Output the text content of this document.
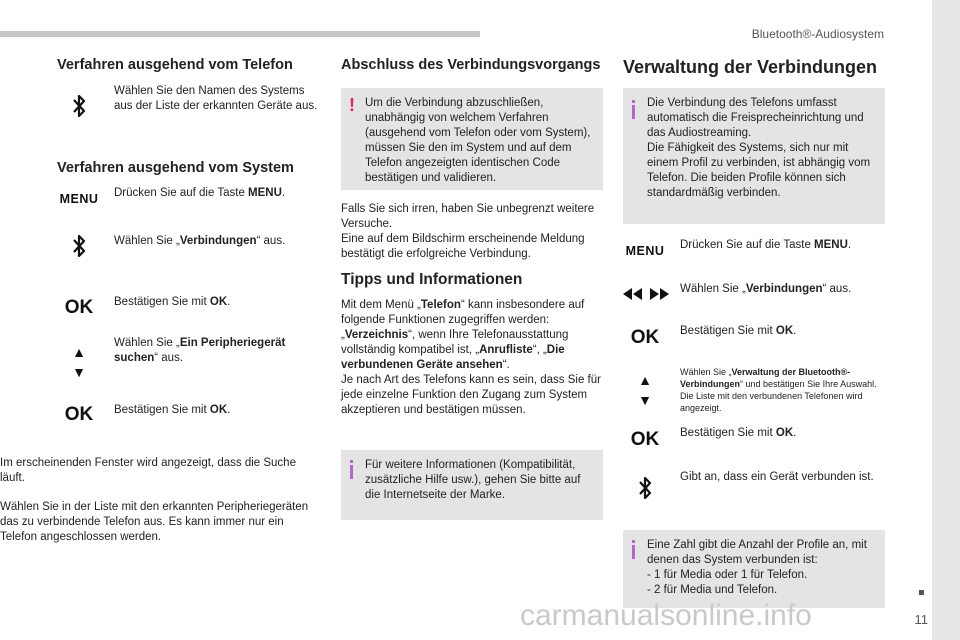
Bluetooth®-Audiosystem
11
Verfahren ausgehend vom Telefon
Wählen Sie den Namen des Systems aus der Liste der erkannten Geräte aus.
Verfahren ausgehend vom System
MENU Drücken Sie auf die Taste MENU.
Wählen Sie „Verbindungen“ aus.
OK	Bestätigen Sie mit OK.
▲
▼
Wählen Sie „Ein Peripheriegerät suchen“ aus.
OK	Bestätigen Sie mit OK.
Im erscheinenden Fenster wird angezeigt, dass die Suche läuft.
Wählen Sie in der Liste mit den erkannten Peripheriegeräten das zu verbindende Telefon aus. Es kann immer nur ein Telefon angeschlossen werden.
Abschluss des Verbindungsvorgangs
! Um die Verbindung abzuschließen, unabhängig von welchem Verfahren (ausgehend vom Telefon oder vom System), müssen Sie den im System und auf dem Telefon angezeigten identischen Code bestätigen und validieren.
Falls Sie sich irren, haben Sie unbegrenzt weitere Versuche.
Eine auf dem Bildschirm erscheinende Meldung bestätigt die erfolgreiche Verbindung.
Tipps und Informationen
Mit dem Menü „Telefon“ kann insbesondere auf folgende Funktionen zugegriffen werden: „Verzeichnis“, wenn Ihre Telefonausstattung vollständig kompatibel ist, „Anrufliste“, „Die verbundenen Geräte ansehen“.
Je nach Art des Telefons kann es sein, dass Sie für jede einzelne Funktion den Zugang zum System akzeptieren und bestätigen müssen.
Für weitere Informationen (Kompatibilität, zusätzliche Hilfe usw.), gehen Sie bitte auf die Internetseite der Marke.
Verwaltung der Verbindungen
Die Verbindung des Telefons umfasst automatisch die Freisprecheinrichtung und das Audiostreaming.
Die Fähigkeit des Systems, sich nur mit einem Profil zu verbinden, ist abhängig vom Telefon. Die beiden Profile können sich standardmäßig verbinden.
MENU Drücken Sie auf die Taste MENU.
Wählen Sie „Verbindungen“ aus.
OK	Bestätigen Sie mit OK.
▲
▼
Wählen Sie „Verwaltung der Bluetooth®-Verbindungen“ und bestätigen Sie Ihre Auswahl. Die Liste mit den verbundenen Telefonen wird angezeigt.
OK	Bestätigen Sie mit OK.
Gibt an, dass ein Gerät verbunden ist.
Eine Zahl gibt die Anzahl der Profile an, mit denen das System verbunden ist:
- 1 für Media oder 1 für Telefon.
- 2 für Media und Telefon.
carmanualsonline.info
